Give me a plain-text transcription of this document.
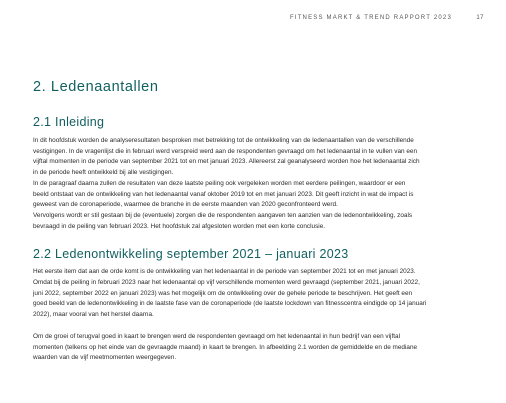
FITNESS MARKT & TREND RAPPORT 2023	17
2. Ledenaantallen
2.1 Inleiding

In dit hoofdstuk worden de analyseresultaten besproken met betrekking tot de ontwikkeling van de ledenaantallen van de verschillende
vestigingen. In de vragenlijst die in februari werd verspreid werd aan de respondenten gevraagd om het ledenaantal in te vullen van een
vijftal momenten in de periode van september 2021 tot en met januari 2023. Allereerst zal geanalyseerd worden hoe het ledenaantal zich
in de periode heeft ontwikkeld bij alle vestigingen.
In de paragraaf daarna zullen de resultaten van deze laatste peiling ook vergeleken worden met eerdere peilingen, waardoor er een
beeld ontstaat van de ontwikkeling van het ledenaantal vanaf oktober 2019 tot en met januari 2023. Dit geeft inzicht in wat de impact is
geweest van de coronaperiode, waarmee de branche in de eerste maanden van 2020 geconfronteerd werd.
Vervolgens wordt er stil gestaan bij de (eventuele) zorgen die de respondenten aangaven ten aanzien van de ledenontwikkeling, zoals
bevraagd in de peiling van februari 2023. Het hoofdstuk zal afgesloten worden met een korte conclusie.

2.2 Ledenontwikkeling september 2021 – januari 2023

Het eerste item dat aan de orde komt is de ontwikkeling van het ledenaantal in de periode van september 2021 tot en met januari 2023.
Omdat bij de peiling in februari 2023 naar het ledenaantal op vijf verschillende momenten werd gevraagd (september 2021, januari 2022,
juni 2022, september 2022 en januari 2023) was het mogelijk om de ontwikkeling over de gehele periode te beschrijven. Het geeft een
goed beeld van de ledenontwikkeling in de laatste fase van de coronaperiode (de laatste lockdown van fitnesscentra eindigde op 14 januari
2022), maar vooral van het herstel daarna.

Om de groei of terugval goed in kaart te brengen werd de respondenten gevraagd om het ledenaantal in hun bedrijf van een vijftal
momenten (telkens op het einde van de gevraagde maand) in kaart te brengen. In afbeelding 2.1 worden de gemiddelde en de mediane
waarden van de vijf meetmomenten weergegeven.
